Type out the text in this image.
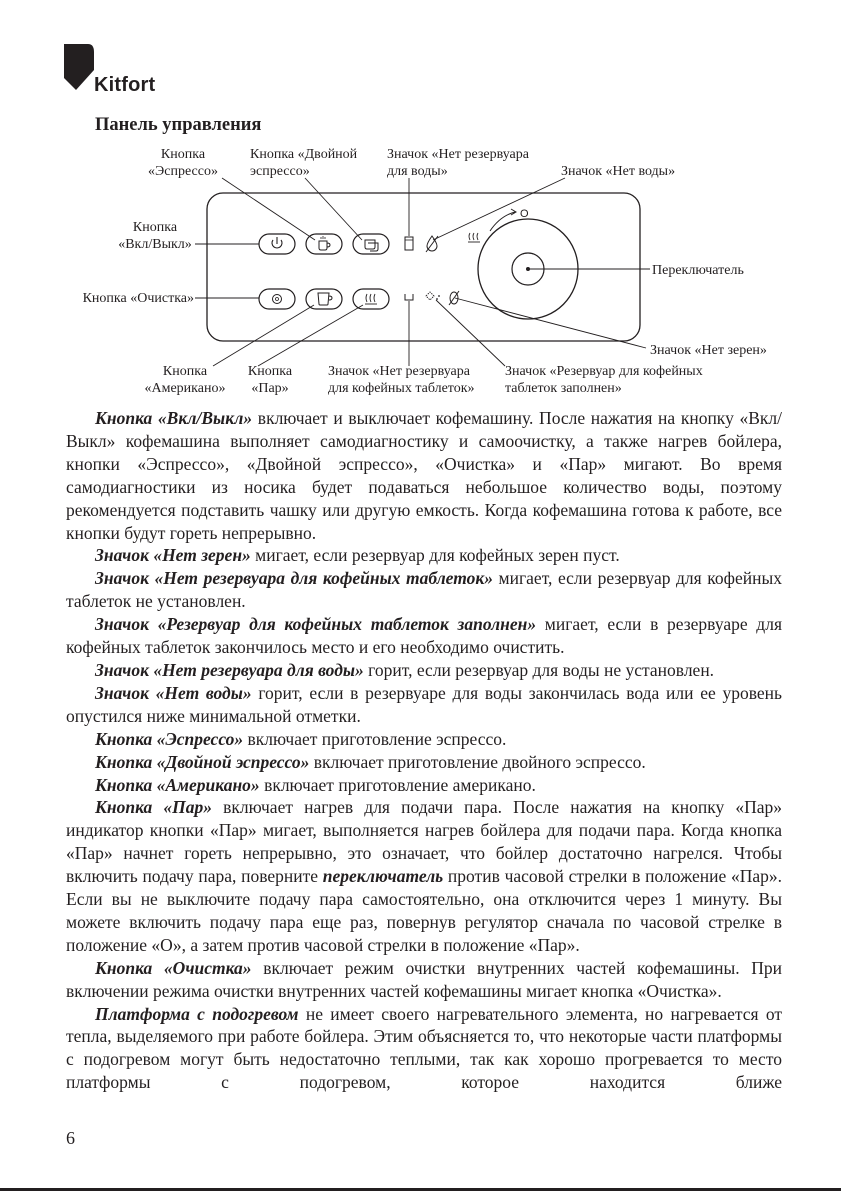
Kitfort
Панель управления
O
Кнопка
«Эспрессо»
Кнопка «Двойной
эспрессо»
Значок «Нет резервуара
для воды»	Значок «Нет воды»
Кнопка
«Вкл/Выкл»
Переключатель
Кнопка «Очистка»
Значок «Нет зерен»
Кнопка
«Американо»
Кнопка
«Пар»
Значок «Нет резервуара
для кофейных таблеток»
Значок «Резервуар для кофейных
таблеток заполнен»

Кнопка «Вкл/Выкл» включает и выключает кофемашину. После нажатия на кнопку «Вкл/Выкл» кофемашина выполняет самодиагностику и самоочистку, а также нагрев бойлера, кнопки «Эспрессо», «Двойной эспрессо», «Очистка» и «Пар» мигают. Во время самодиагностики из носика будет подаваться небольшое количество воды, поэтому рекомендуется подставить чашку или другую емкость. Когда кофемашина готова к работе, все кнопки будут гореть непрерывно.

Значок «Нет зерен» мигает, если резервуар для кофейных зерен пуст.

Значок «Нет резервуара для кофейных таблеток» мигает, если резервуар для кофейных таблеток не установлен.

Значок «Резервуар для кофейных таблеток заполнен» мигает, если в резервуаре для кофейных таблеток закончилось место и его необходимо очистить.

Значок «Нет резервуара для воды» горит, если резервуар для воды не установлен.

Значок «Нет воды» горит, если в резервуаре для воды закончилась вода или ее уровень опустился ниже минимальной отметки.

Кнопка «Эспрессо» включает приготовление эспрессо.

Кнопка «Двойной эспрессо» включает приготовление двойного эспрессо.

Кнопка «Американо» включает приготовление американо.

Кнопка «Пар» включает нагрев для подачи пара. После нажатия на кнопку «Пар» индикатор кнопки «Пар» мигает, выполняется нагрев бойлера для подачи пара. Когда кнопка «Пар» начнет гореть непрерывно, это означает, что бойлер достаточно нагрелся. Чтобы включить подачу пара, поверните переключатель против часовой стрелки в положение «Пар». Если вы не выключите подачу пара самостоятельно, она отключится через 1 минуту. Вы можете включить подачу пара еще раз, повернув регулятор сначала по часовой стрелке в положение «O», а затем против часовой стрелки в положение «Пар».

Кнопка «Очистка» включает режим очистки внутренних частей кофемашины. При включении режима очистки внутренних частей кофемашины мигает кнопка «Очистка».

Платформа с подогревом не имеет своего нагревательного элемента, но нагревается от тепла, выделяемого при работе бойлера. Этим объясняется то, что некоторые части платформы с подогревом могут быть недостаточно теплыми, так как хорошо прогревается то место платформы с подогревом, которое находится ближе

6
